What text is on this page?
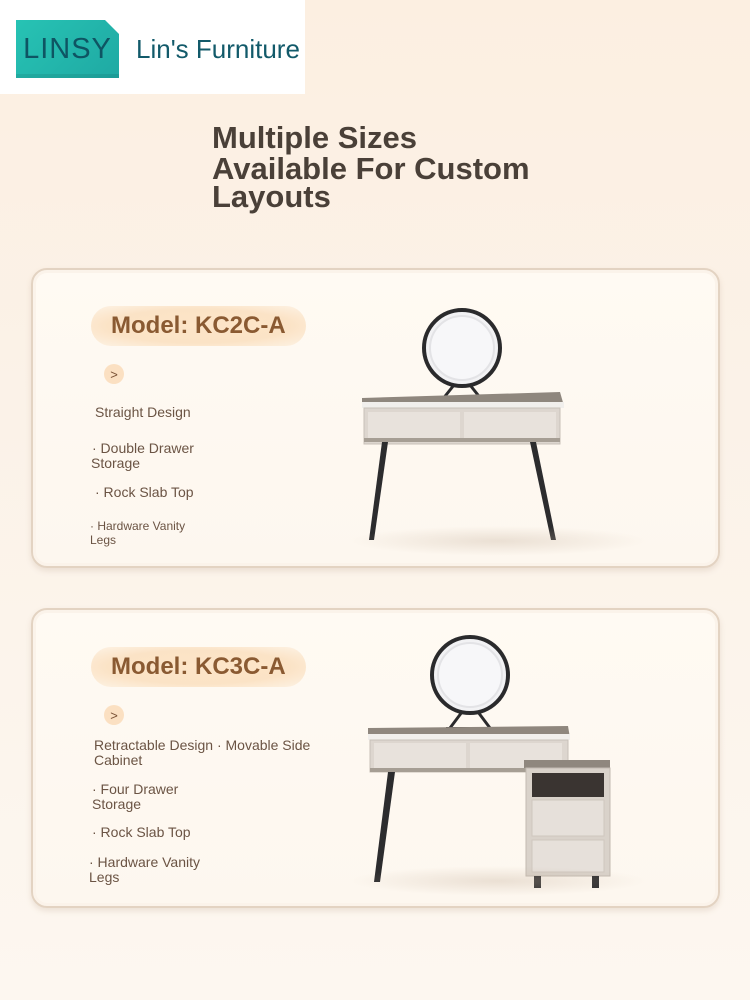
LINSY Lin's Furniture
Multiple Sizes
Available For Custom
Layouts
Model: KC2C-A
>
Straight Design
· Double Drawer
Storage
· Rock Slab Top
· Hardware Vanity
Legs
Model: KC3C-A
>
Retractable Design · Movable Side
Cabinet
· Four Drawer
Storage
· Rock Slab Top
· Hardware Vanity
Legs
